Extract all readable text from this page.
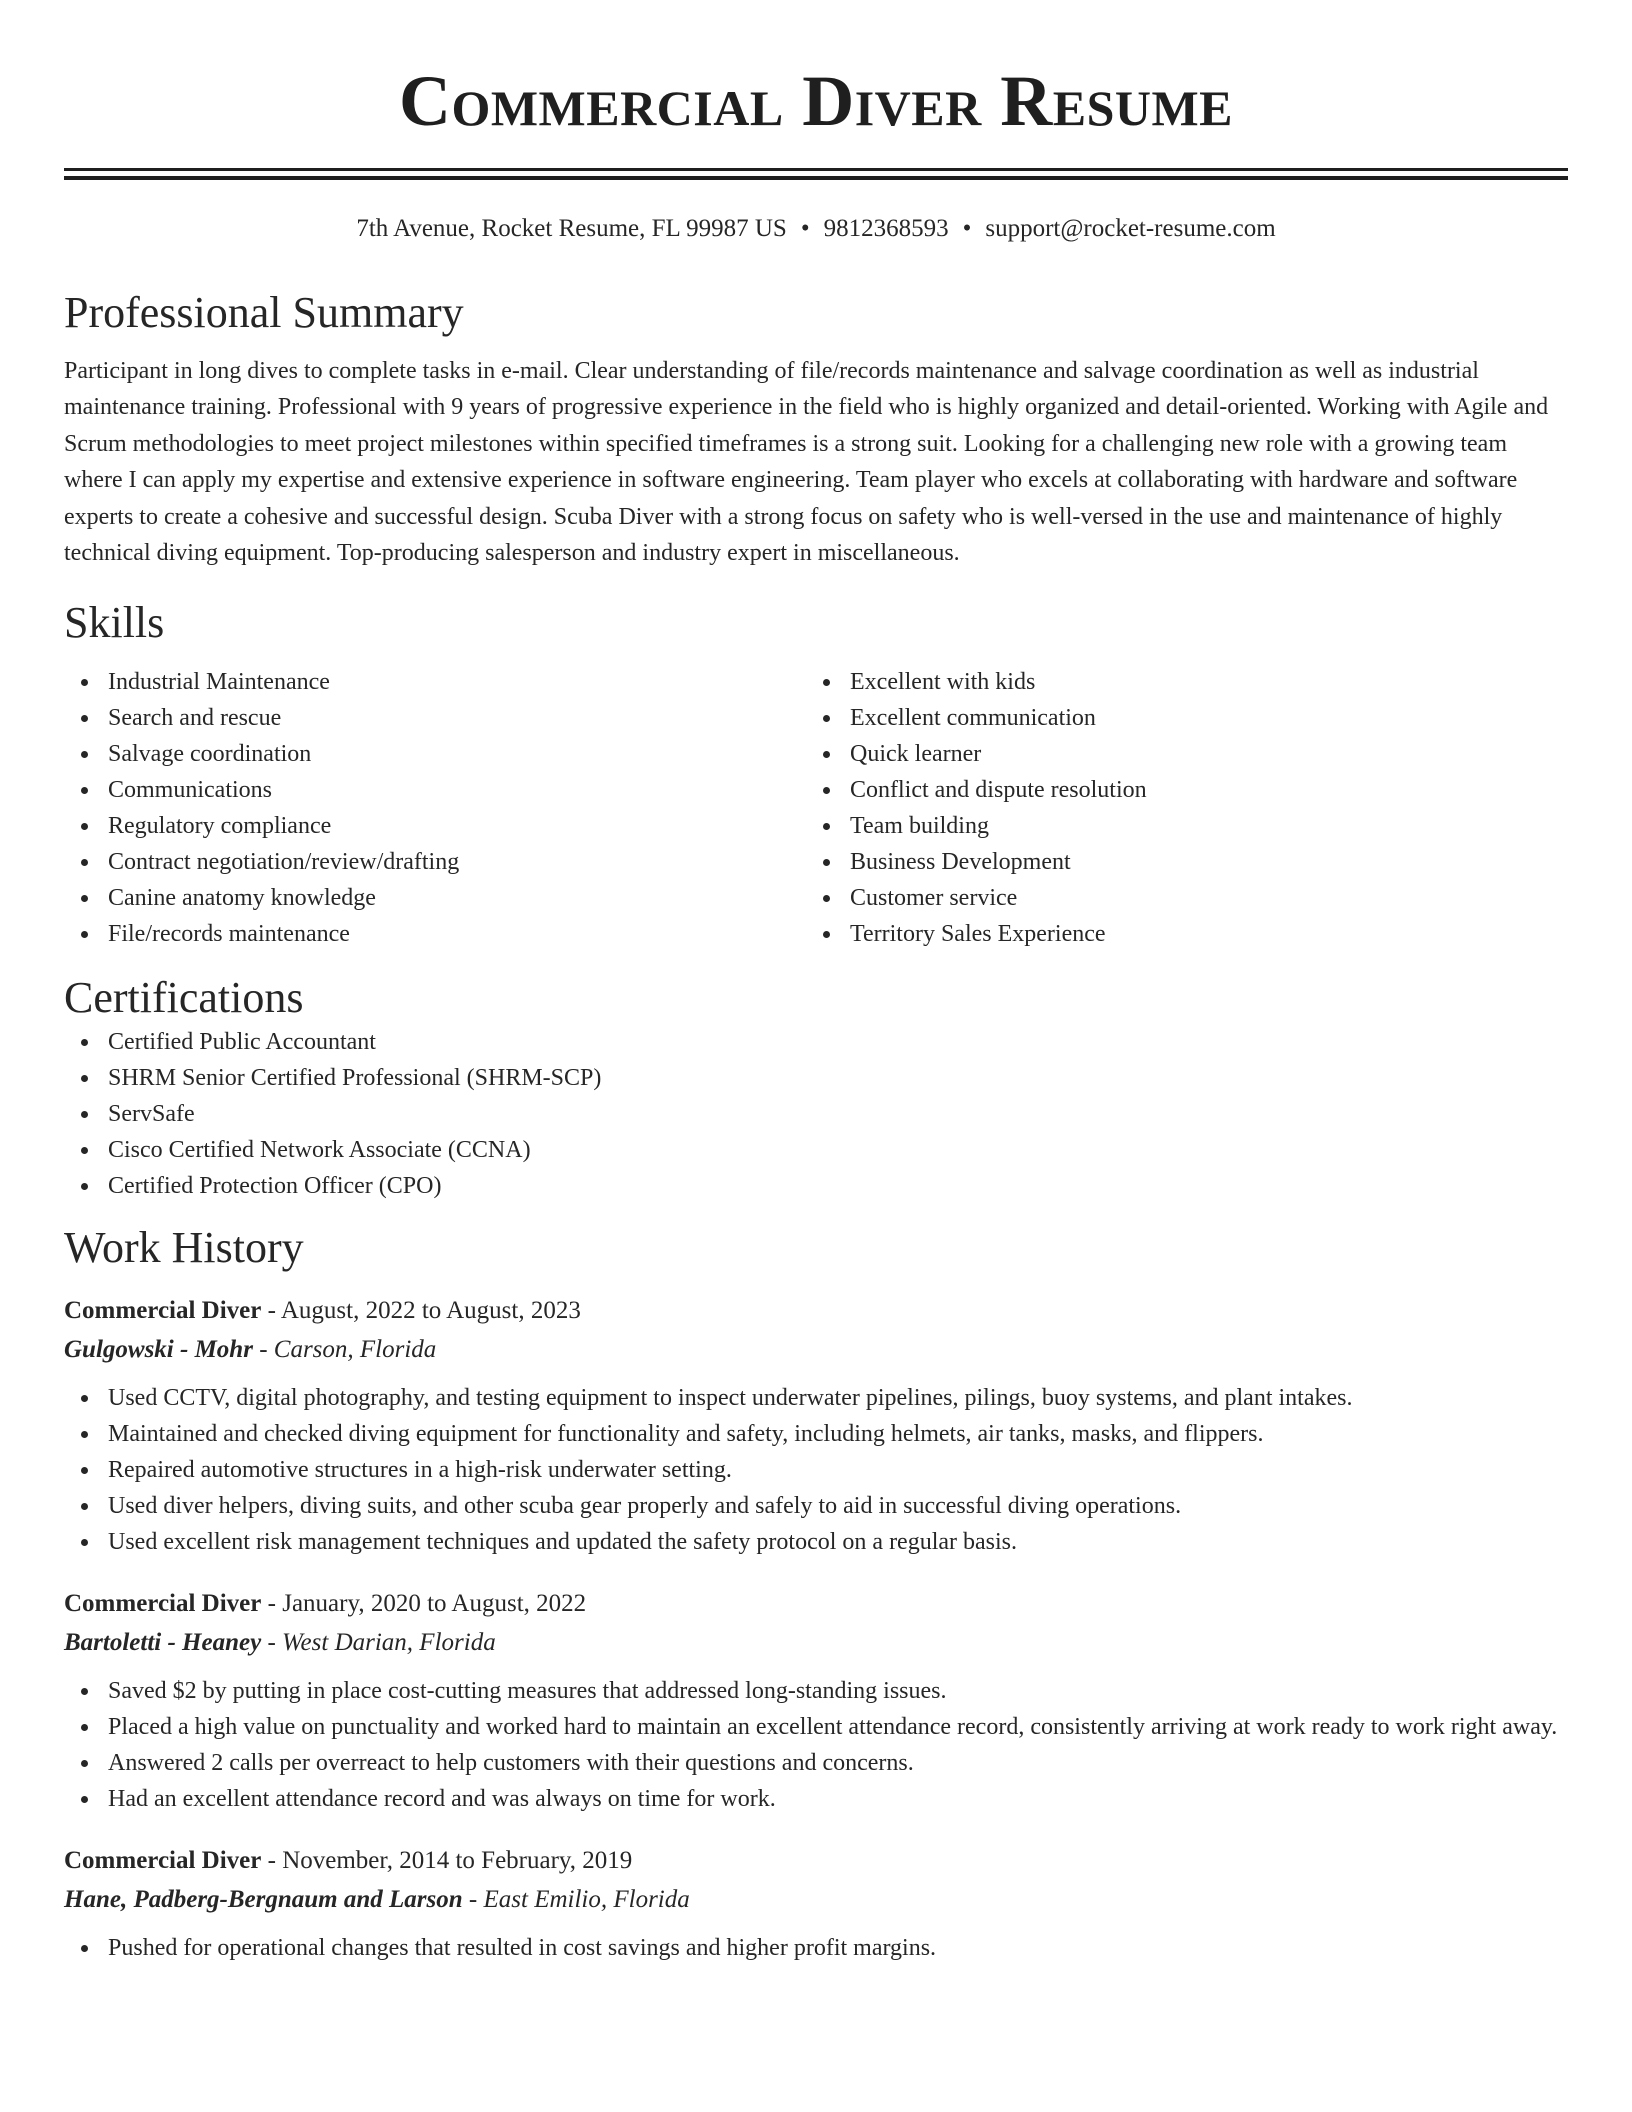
Commercial Diver Resume
7th Avenue, Rocket Resume, FL 99987 US • 9812368593 • support@rocket-resume.com
Professional Summary

Participant in long dives to complete tasks in e-mail. Clear understanding of file/records maintenance and salvage coordination as well as industrial maintenance training. Professional with 9 years of progressive experience in the field who is highly organized and detail-oriented. Working with Agile and Scrum methodologies to meet project milestones within specified timeframes is a strong suit. Looking for a challenging new role with a growing team where I can apply my expertise and extensive experience in software engineering. Team player who excels at collaborating with hardware and software experts to create a cohesive and successful design. Scuba Diver with a strong focus on safety who is well-versed in the use and maintenance of highly technical diving equipment. Top-producing salesperson and industry expert in miscellaneous.

Skills
Industrial Maintenance
Search and rescue
Salvage coordination
Communications
Regulatory compliance
Contract negotiation/review/drafting
Canine anatomy knowledge
File/records maintenance
Excellent with kids
Excellent communication
Quick learner
Conflict and dispute resolution
Team building
Business Development
Customer service
Territory Sales Experience
Certifications
Certified Public Accountant
SHRM Senior Certified Professional (SHRM-SCP)
ServSafe
Cisco Certified Network Associate (CCNA)
Certified Protection Officer (CPO)
Work History
Commercial Diver - August, 2022 to August, 2023
Gulgowski - Mohr - Carson, Florida
Used CCTV, digital photography, and testing equipment to inspect underwater pipelines, pilings, buoy systems, and plant intakes.
Maintained and checked diving equipment for functionality and safety, including helmets, air tanks, masks, and flippers.
Repaired automotive structures in a high-risk underwater setting.
Used diver helpers, diving suits, and other scuba gear properly and safely to aid in successful diving operations.
Used excellent risk management techniques and updated the safety protocol on a regular basis.
Commercial Diver - January, 2020 to August, 2022
Bartoletti - Heaney - West Darian, Florida
Saved $2 by putting in place cost-cutting measures that addressed long-standing issues.
Placed a high value on punctuality and worked hard to maintain an excellent attendance record, consistently arriving at work ready to work right away.
Answered 2 calls per overreact to help customers with their questions and concerns.
Had an excellent attendance record and was always on time for work.
Commercial Diver - November, 2014 to February, 2019
Hane, Padberg-Bergnaum and Larson - East Emilio, Florida
Pushed for operational changes that resulted in cost savings and higher profit margins.
